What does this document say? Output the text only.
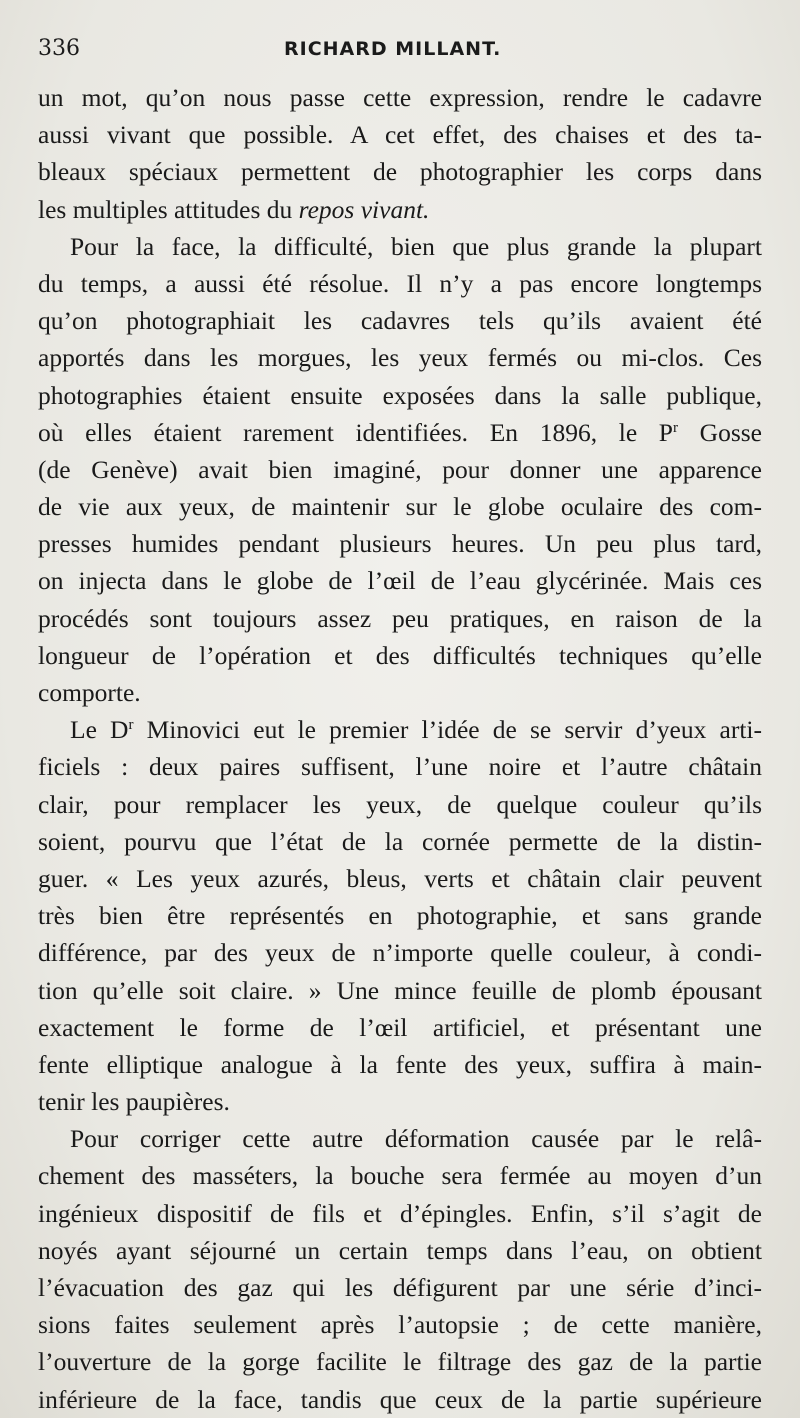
336	RICHARD MILLANT.
un mot, qu’on nous passe cette expression, rendre le cadavre
aussi vivant que possible. A cet effet, des chaises et des ta-
bleaux spéciaux permettent de photographier les corps dans
les multiples attitudes du repos vivant.
Pour la face, la difficulté, bien que plus grande la plupart
du temps, a aussi été résolue. Il n’y a pas encore longtemps
qu’on photographiait les cadavres tels qu’ils avaient été
apportés dans les morgues, les yeux fermés ou mi-clos. Ces
photographies étaient ensuite exposées dans la salle publique,
où elles étaient rarement identifiées. En 1896, le $P^r$ Gosse
(de Genève) avait bien imaginé, pour donner une apparence
de vie aux yeux, de maintenir sur le globe oculaire des com-
presses humides pendant plusieurs heures. Un peu plus tard,
on injecta dans le globe de l’œil de l’eau glycérinée. Mais ces
procédés sont toujours assez peu pratiques, en raison de la
longueur de l’opération et des difficultés techniques qu’elle
comporte.
Le $D^r$ Minovici eut le premier l’idée de se servir d’yeux arti-
ficiels : deux paires suffisent, l’une noire et l’autre châtain
clair, pour remplacer les yeux, de quelque couleur qu’ils
soient, pourvu que l’état de la cornée permette de la distin-
guer. « Les yeux azurés, bleus, verts et châtain clair peuvent
très bien être représentés en photographie, et sans grande
différence, par des yeux de n’importe quelle couleur, à condi-
tion qu’elle soit claire. » Une mince feuille de plomb épousant
exactement le forme de l’œil artificiel, et présentant une
fente elliptique analogue à la fente des yeux, suffira à main-
tenir les paupières.
Pour corriger cette autre déformation causée par le relâ-
chement des masséters, la bouche sera fermée au moyen d’un
ingénieux dispositif de fils et d’épingles. Enfin, s’il s’agit de
noyés ayant séjourné un certain temps dans l’eau, on obtient
l’évacuation des gaz qui les défigurent par une série d’inci-
sions faites seulement après l’autopsie ; de cette manière,
l’ouverture de la gorge facilite le filtrage des gaz de la partie
inférieure de la face, tandis que ceux de la partie supérieure
